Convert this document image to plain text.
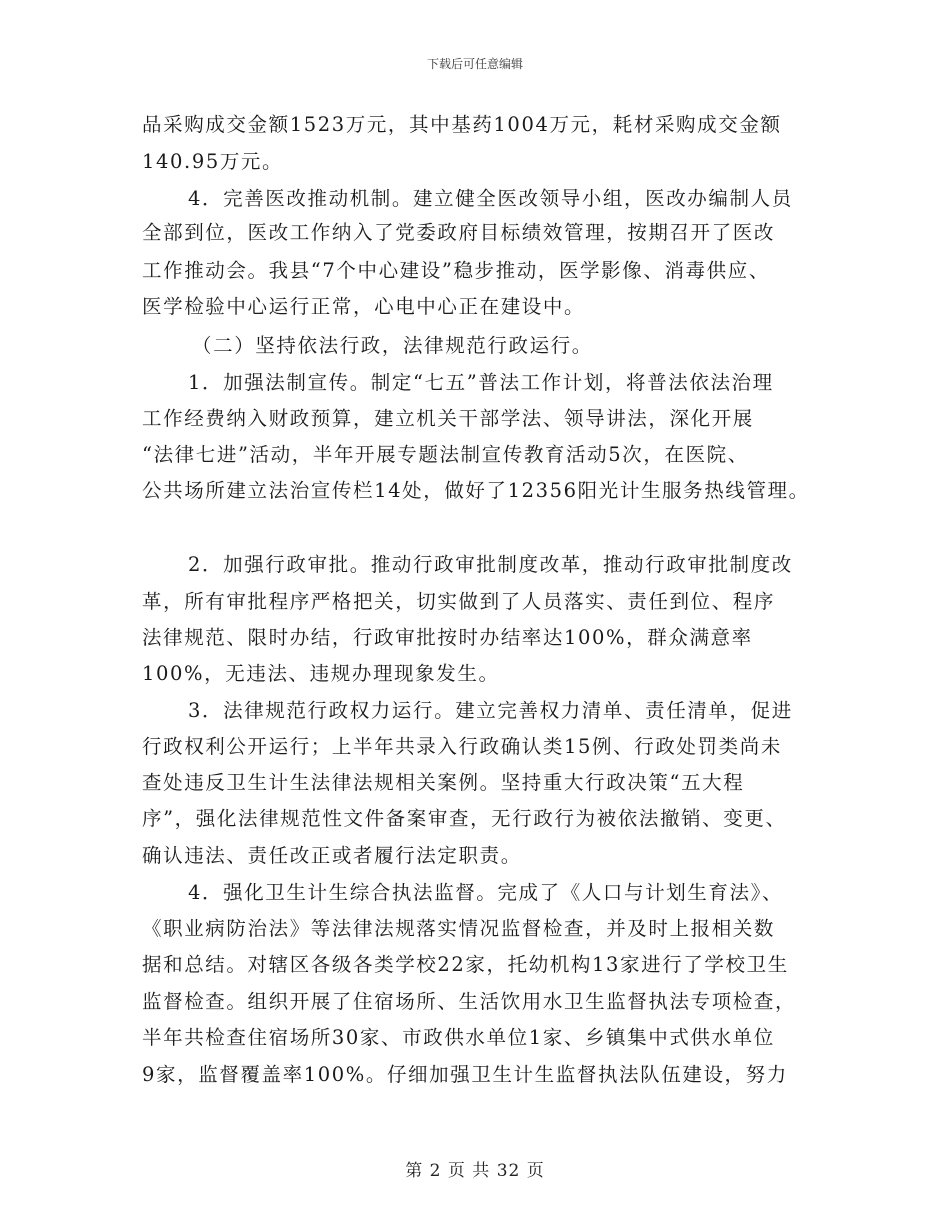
下载后可任意编辑
品采购成交金额1523万元，其中基药1004万元，耗材采购成交金额
140.95万元。
4．完善医改推动机制。建立健全医改领导小组，医改办编制人员
全部到位，医改工作纳入了党委政府目标绩效管理，按期召开了医改
工作推动会。我县“7个中心建设”稳步推动，医学影像、消毒供应、
医学检验中心运行正常，心电中心正在建设中。
（二）坚持依法行政，法律规范行政运行。
1．加强法制宣传。制定“七五”普法工作计划，将普法依法治理
工作经费纳入财政预算，建立机关干部学法、领导讲法，深化开展
“法律七进”活动，半年开展专题法制宣传教育活动5次，在医院、
公共场所建立法治宣传栏14处，做好了12356阳光计生服务热线管理。
2．加强行政审批。推动行政审批制度改革，推动行政审批制度改
革，所有审批程序严格把关，切实做到了人员落实、责任到位、程序
法律规范、限时办结，行政审批按时办结率达100%，群众满意率
100%，无违法、违规办理现象发生。
3．法律规范行政权力运行。建立完善权力清单、责任清单，促进
行政权利公开运行；上半年共录入行政确认类15例、行政处罚类尚未
查处违反卫生计生法律法规相关案例。坚持重大行政决策“五大程
序”，强化法律规范性文件备案审查，无行政行为被依法撤销、变更、
确认违法、责任改正或者履行法定职责。
4．强化卫生计生综合执法监督。完成了《人口与计划生育法》、
《职业病防治法》等法律法规落实情况监督检查，并及时上报相关数
据和总结。对辖区各级各类学校22家，托幼机构13家进行了学校卫生
监督检查。组织开展了住宿场所、生活饮用水卫生监督执法专项检查，
半年共检查住宿场所30家、市政供水单位1家、乡镇集中式供水单位
9家，监督覆盖率100%。仔细加强卫生计生监督执法队伍建设，努力
第 2 页 共 32 页
